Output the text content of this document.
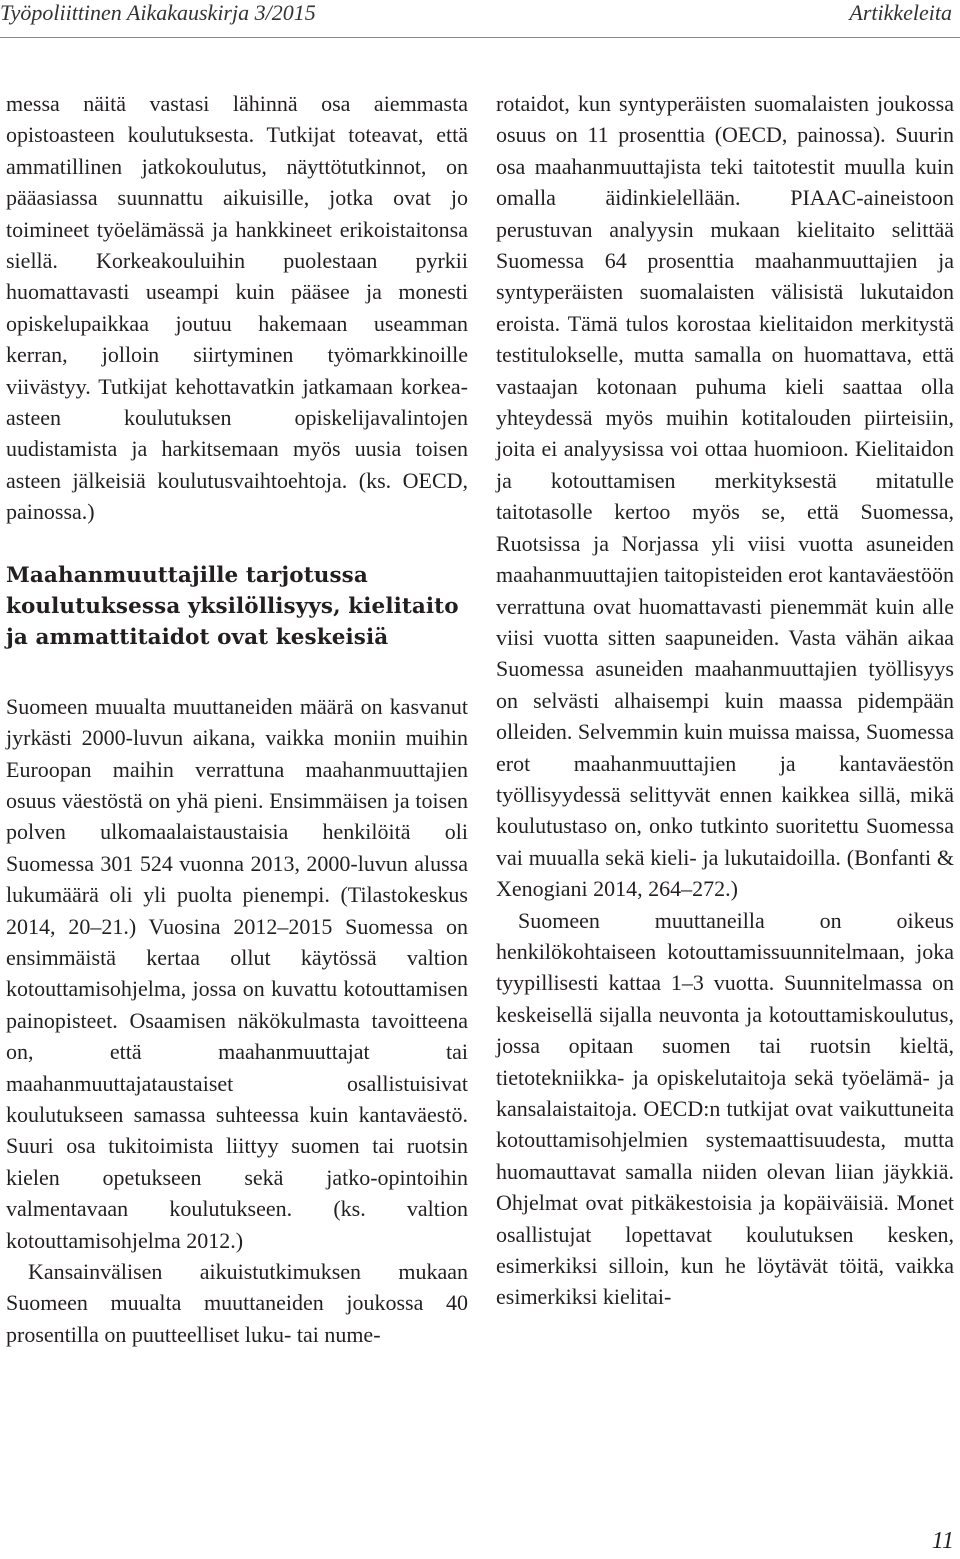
Työpoliittinen Aikakauskirja 3/2015	Artikkeleita

messa näitä vastasi lähinnä osa aiemmasta opistoasteen koulutuksesta. Tutkijat toteavat, että ammatillinen jatkokoulutus, näyttötutkinnot, on pääasiassa suunnattu aikuisille, jotka ovat jo toimineet työelämässä ja hankkineet erikoistaitonsa siellä. Korkeakouluihin puolestaan pyrkii huomattavasti useampi kuin pääsee ja monesti opiskelupaikkaa joutuu hakemaan useamman kerran, jolloin siirtyminen työmarkkinoille viivästyy. Tutkijat kehottavatkin jatkamaan korkea-asteen koulutuksen opiskelijavalintojen uudistamista ja harkitsemaan myös uusia toisen asteen jälkeisiä koulutusvaihtoehtoja. (ks. OECD, painossa.)

Maahanmuuttajille tarjotussa koulutuksessa yksilöllisyys, kielitaito ja ammattitaidot ovat keskeisiä

Suomeen muualta muuttaneiden määrä on kasvanut jyrkästi 2000-luvun aikana, vaikka moniin muihin Euroopan maihin verrattuna maahanmuuttajien osuus väestöstä on yhä pieni. Ensimmäisen ja toisen polven ulkomaalaistaustaisia henkilöitä oli Suomessa 301 524 vuonna 2013, 2000-luvun alussa lukumäärä oli yli puolta pienempi. (Tilastokeskus 2014, 20–21.) Vuosina 2012–2015 Suomessa on ensimmäistä kertaa ollut käytössä valtion kotouttamisohjelma, jossa on kuvattu kotouttamisen painopisteet. Osaamisen näkökulmasta tavoitteena on, että maahanmuuttajat tai maahanmuuttajataustaiset osallistuisivat koulutukseen samassa suhteessa kuin kantaväestö. Suuri osa tukitoimista liittyy suomen tai ruotsin kielen opetukseen sekä jatko-opintoihin valmentavaan koulutukseen. (ks. valtion kotouttamisohjelma 2012.)

Kansainvälisen aikuistutkimuksen mukaan Suomeen muualta muuttaneiden joukossa 40 prosentilla on puutteelliset luku- tai nume-

rotaidot, kun syntyperäisten suomalaisten joukossa osuus on 11 prosenttia (OECD, painossa). Suurin osa maahanmuuttajista teki taitotestit muulla kuin omalla äidinkielellään. PIAAC-aineistoon perustuvan analyysin mukaan kielitaito selittää Suomessa 64 prosenttia maahanmuuttajien ja syntyperäisten suomalaisten välisistä lukutaidon eroista. Tämä tulos korostaa kielitaidon merkitystä testitulokselle, mutta samalla on huomattava, että vastaajan kotonaan puhuma kieli saattaa olla yhteydessä myös muihin kotitalouden piirteisiin, joita ei analyysissa voi ottaa huomioon. Kielitaidon ja kotouttamisen merkityksestä mitatulle taitotasolle kertoo myös se, että Suomessa, Ruotsissa ja Norjassa yli viisi vuotta asuneiden maahanmuuttajien taitopisteiden erot kantaväestöön verrattuna ovat huomattavasti pienemmät kuin alle viisi vuotta sitten saapuneiden. Vasta vähän aikaa Suomessa asuneiden maahanmuuttajien työllisyys on selvästi alhaisempi kuin maassa pidempään olleiden. Selvemmin kuin muissa maissa, Suomessa erot maahanmuuttajien ja kantaväestön työllisyydessä selittyvät ennen kaikkea sillä, mikä koulutustaso on, onko tutkinto suoritettu Suomessa vai muualla sekä kieli- ja lukutaidoilla. (Bonfanti & Xenogiani 2014, 264–272.)

Suomeen muuttaneilla on oikeus henkilökohtaiseen kotouttamissuunnitelmaan, joka tyypillisesti kattaa 1–3 vuotta. Suunnitelmassa on keskeisellä sijalla neuvonta ja kotouttamiskoulutus, jossa opitaan suomen tai ruotsin kieltä, tietotekniikka- ja opiskelutaitoja sekä työelämä- ja kansalaistaitoja. OECD:n tutkijat ovat vaikuttuneita kotouttamisohjelmien systemaattisuudesta, mutta huomauttavat samalla niiden olevan liian jäykkiä. Ohjelmat ovat pitkäkestoisia ja kopäiväisiä. Monet osallistujat lopettavat koulutuksen kesken, esimerkiksi silloin, kun he löytävät töitä, vaikka esimerkiksi kielitai-

11
